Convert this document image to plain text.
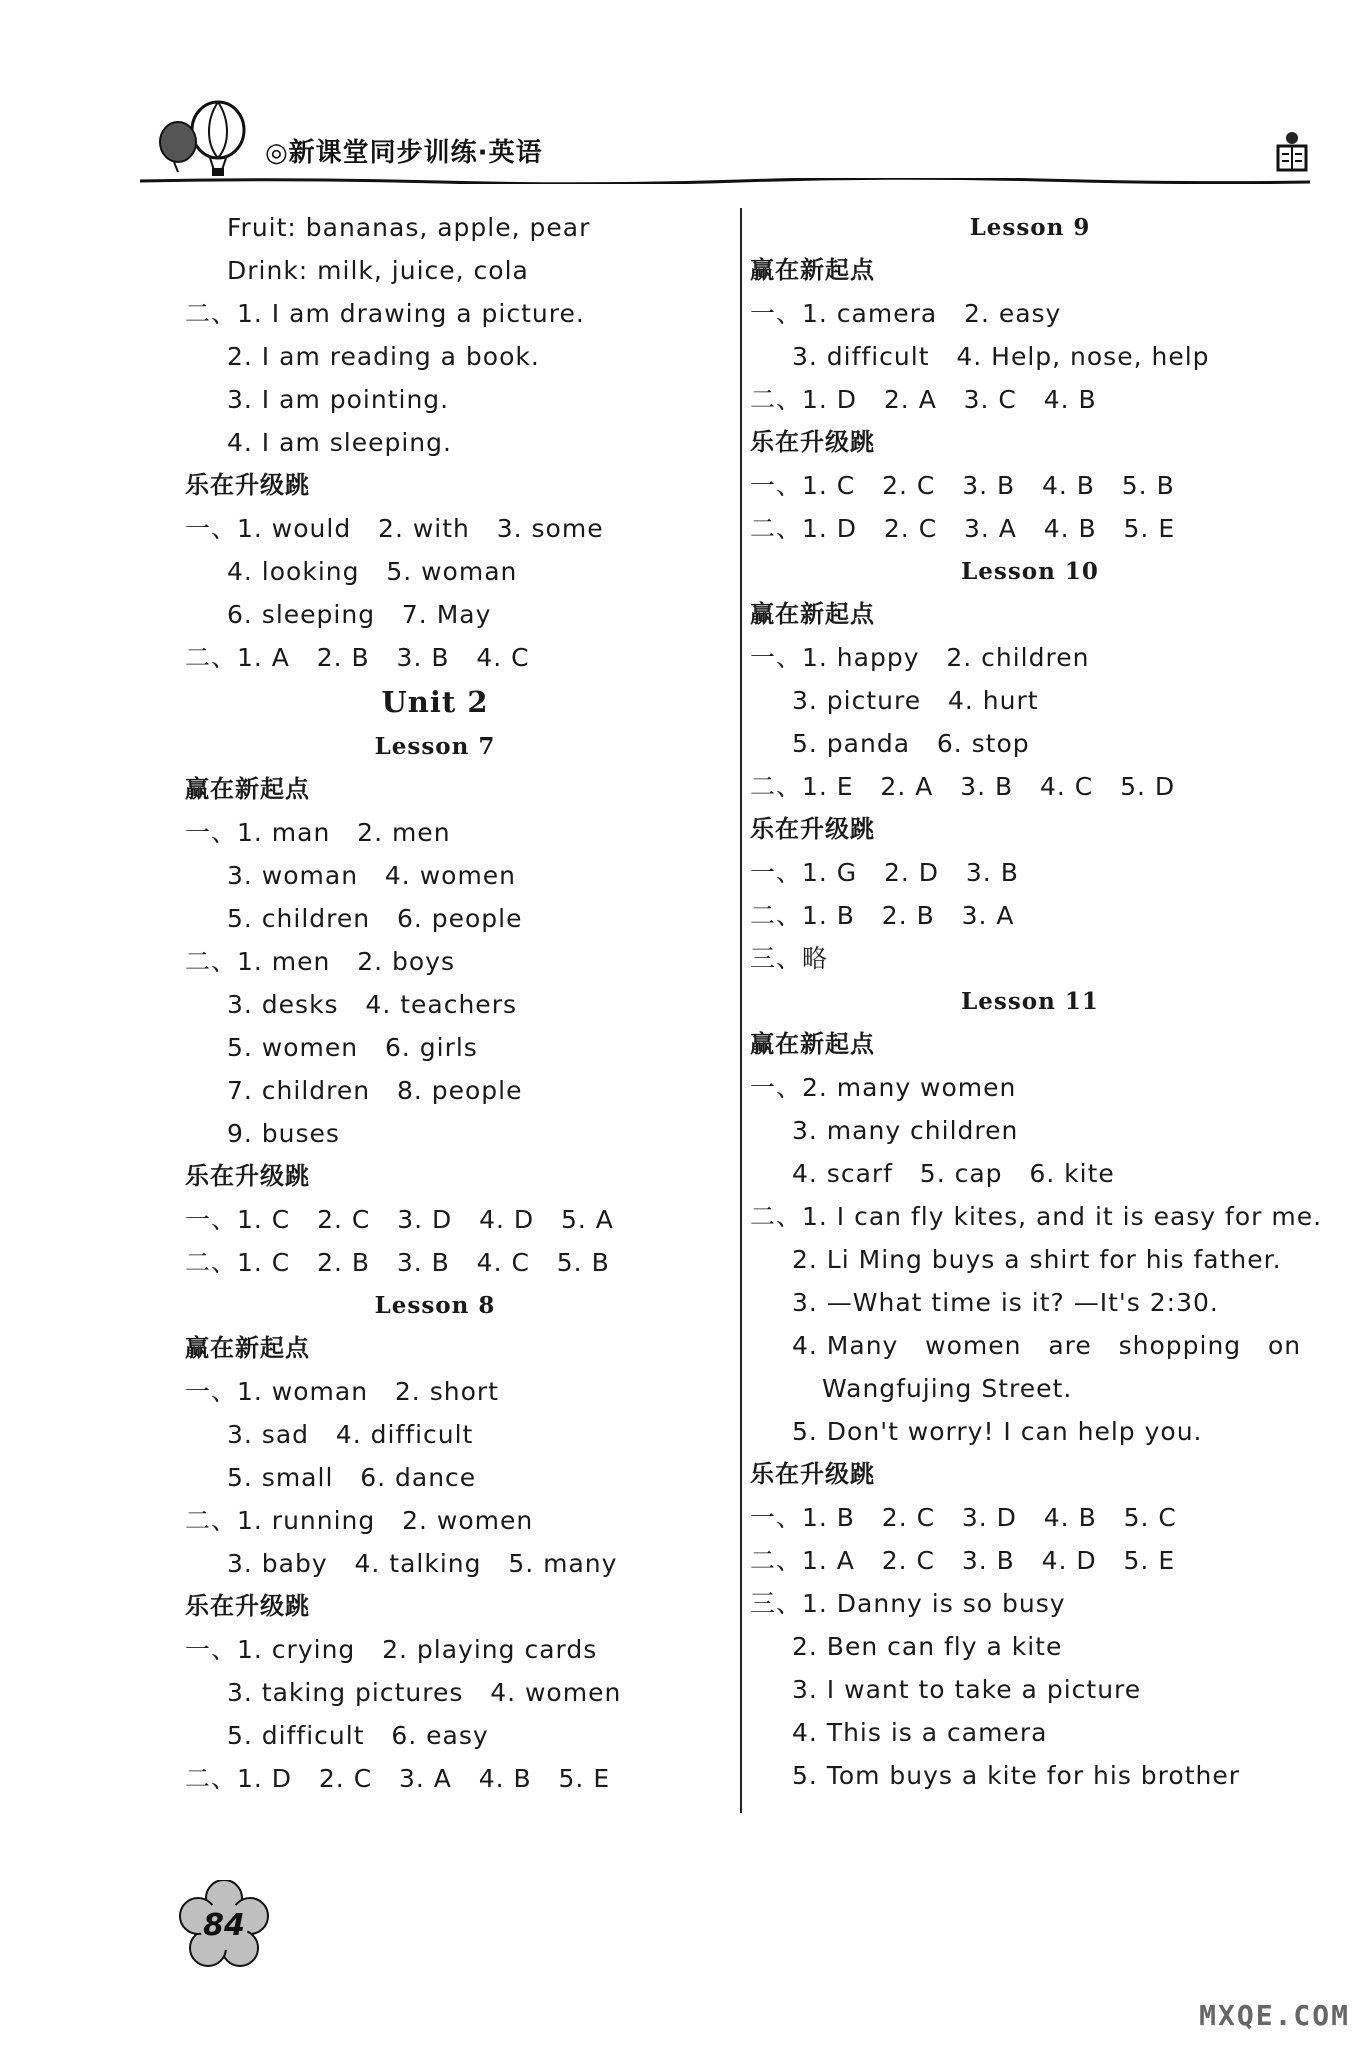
◎新课堂同步训练·英语
Fruit: bananas, apple, pear
Drink: milk, juice, cola
二、1. I am drawing a picture.
2. I am reading a book.
3. I am pointing.
4. I am sleeping.
乐在升级跳
一、1. would   2. with   3. some
4. looking   5. woman
6. sleeping   7. May
二、1. A   2. B   3. B   4. C
Unit 2
Lesson 7
赢在新起点
一、1. man   2. men
3. woman   4. women
5. children   6. people
二、1. men   2. boys
3. desks   4. teachers
5. women   6. girls
7. children   8. people
9. buses
乐在升级跳
一、1. C   2. C   3. D   4. D   5. A
二、1. C   2. B   3. B   4. C   5. B
Lesson 8
赢在新起点
一、1. woman   2. short
3. sad   4. difficult
5. small   6. dance
二、1. running   2. women
3. baby   4. talking   5. many
乐在升级跳
一、1. crying   2. playing cards
3. taking pictures   4. women
5. difficult   6. easy
二、1. D   2. C   3. A   4. B   5. E
Lesson 9
赢在新起点
一、1. camera   2. easy
3. difficult   4. Help, nose, help
二、1. D   2. A   3. C   4. B
乐在升级跳
一、1. C   2. C   3. B   4. B   5. B
二、1. D   2. C   3. A   4. B   5. E
Lesson 10
赢在新起点
一、1. happy   2. children
3. picture   4. hurt
5. panda   6. stop
二、1. E   2. A   3. B   4. C   5. D
乐在升级跳
一、1. G   2. D   3. B
二、1. B   2. B   3. A
三、略
Lesson 11
赢在新起点
一、2. many women
3. many children
4. scarf   5. cap   6. kite
二、1. I can fly kites, and it is easy for me.
2. Li Ming buys a shirt for his father.
3. —What time is it? —It's 2:30.
4. Many   women   are   shopping   on
Wangfujing Street.
5. Don't worry! I can help you.
乐在升级跳
一、1. B   2. C   3. D   4. B   5. C
二、1. A   2. C   3. B   4. D   5. E
三、1. Danny is so busy
2. Ben can fly a kite
3. I want to take a picture
4. This is a camera
5. Tom buys a kite for his brother
84
MXQE.COM
